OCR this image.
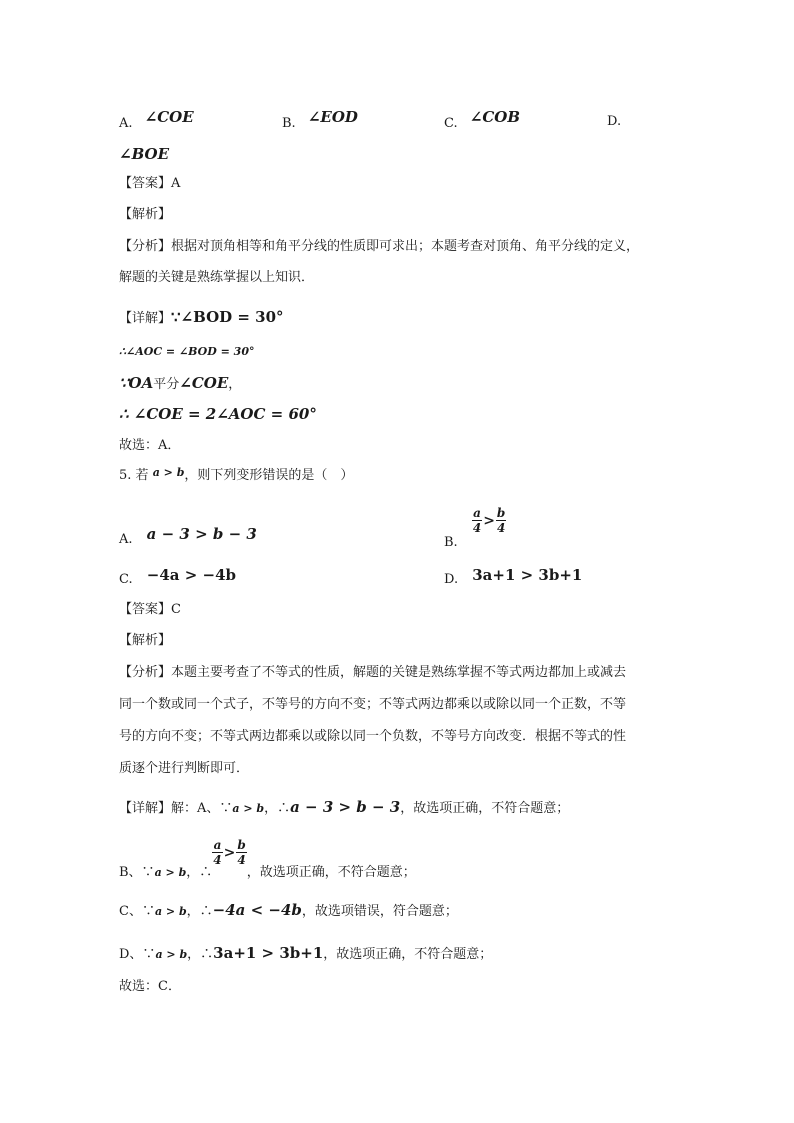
A. ∠COE	B. ∠EOD	C. ∠COB	D.
∠BOE
【答案】A
【解析】
【分析】根据对顶角相等和角平分线的性质即可求出；本题考查对顶角、角平分线的定义，
解题的关键是熟练掌握以上知识．
【详解】∵∠BOD = 30°
∴∠AOC = ∠BOD = 30°
∵OA平分∠COE，
∴ ∠COE = 2∠AOC = 60°
故选：A．
5. 若 $^{a > b}$，则下列变形错误的是（　）
A. a − 3 > b − 3	B.
$\frac{a}{4} > \frac{b}{4}$
C. −4a > −4b	D. 3a+1 > 3b+1
【答案】C
【解析】
【分析】本题主要考查了不等式的性质，解题的关键是熟练掌握不等式两边都加上或减去
同一个数或同一个式子，不等号的方向不变；不等式两边都乘以或除以同一个正数，不等
号的方向不变；不等式两边都乘以或除以同一个负数，不等号方向改变．根据不等式的性
质逐个进行判断即可．
【详解】解：A、∵a > b，∴a − 3 > b − 3，故选项正确，不符合题意；
B、$\because_{a > b}$，∴
$\frac{a}{4} > \frac{b}{4}$
，故选项正确，不符合题意；
C、∵a > b，∴−4a < −4b，故选项错误，符合题意；
D、∵a > b，∴3a+1 > 3b+1，故选项正确，不符合题意；
故选：C．
